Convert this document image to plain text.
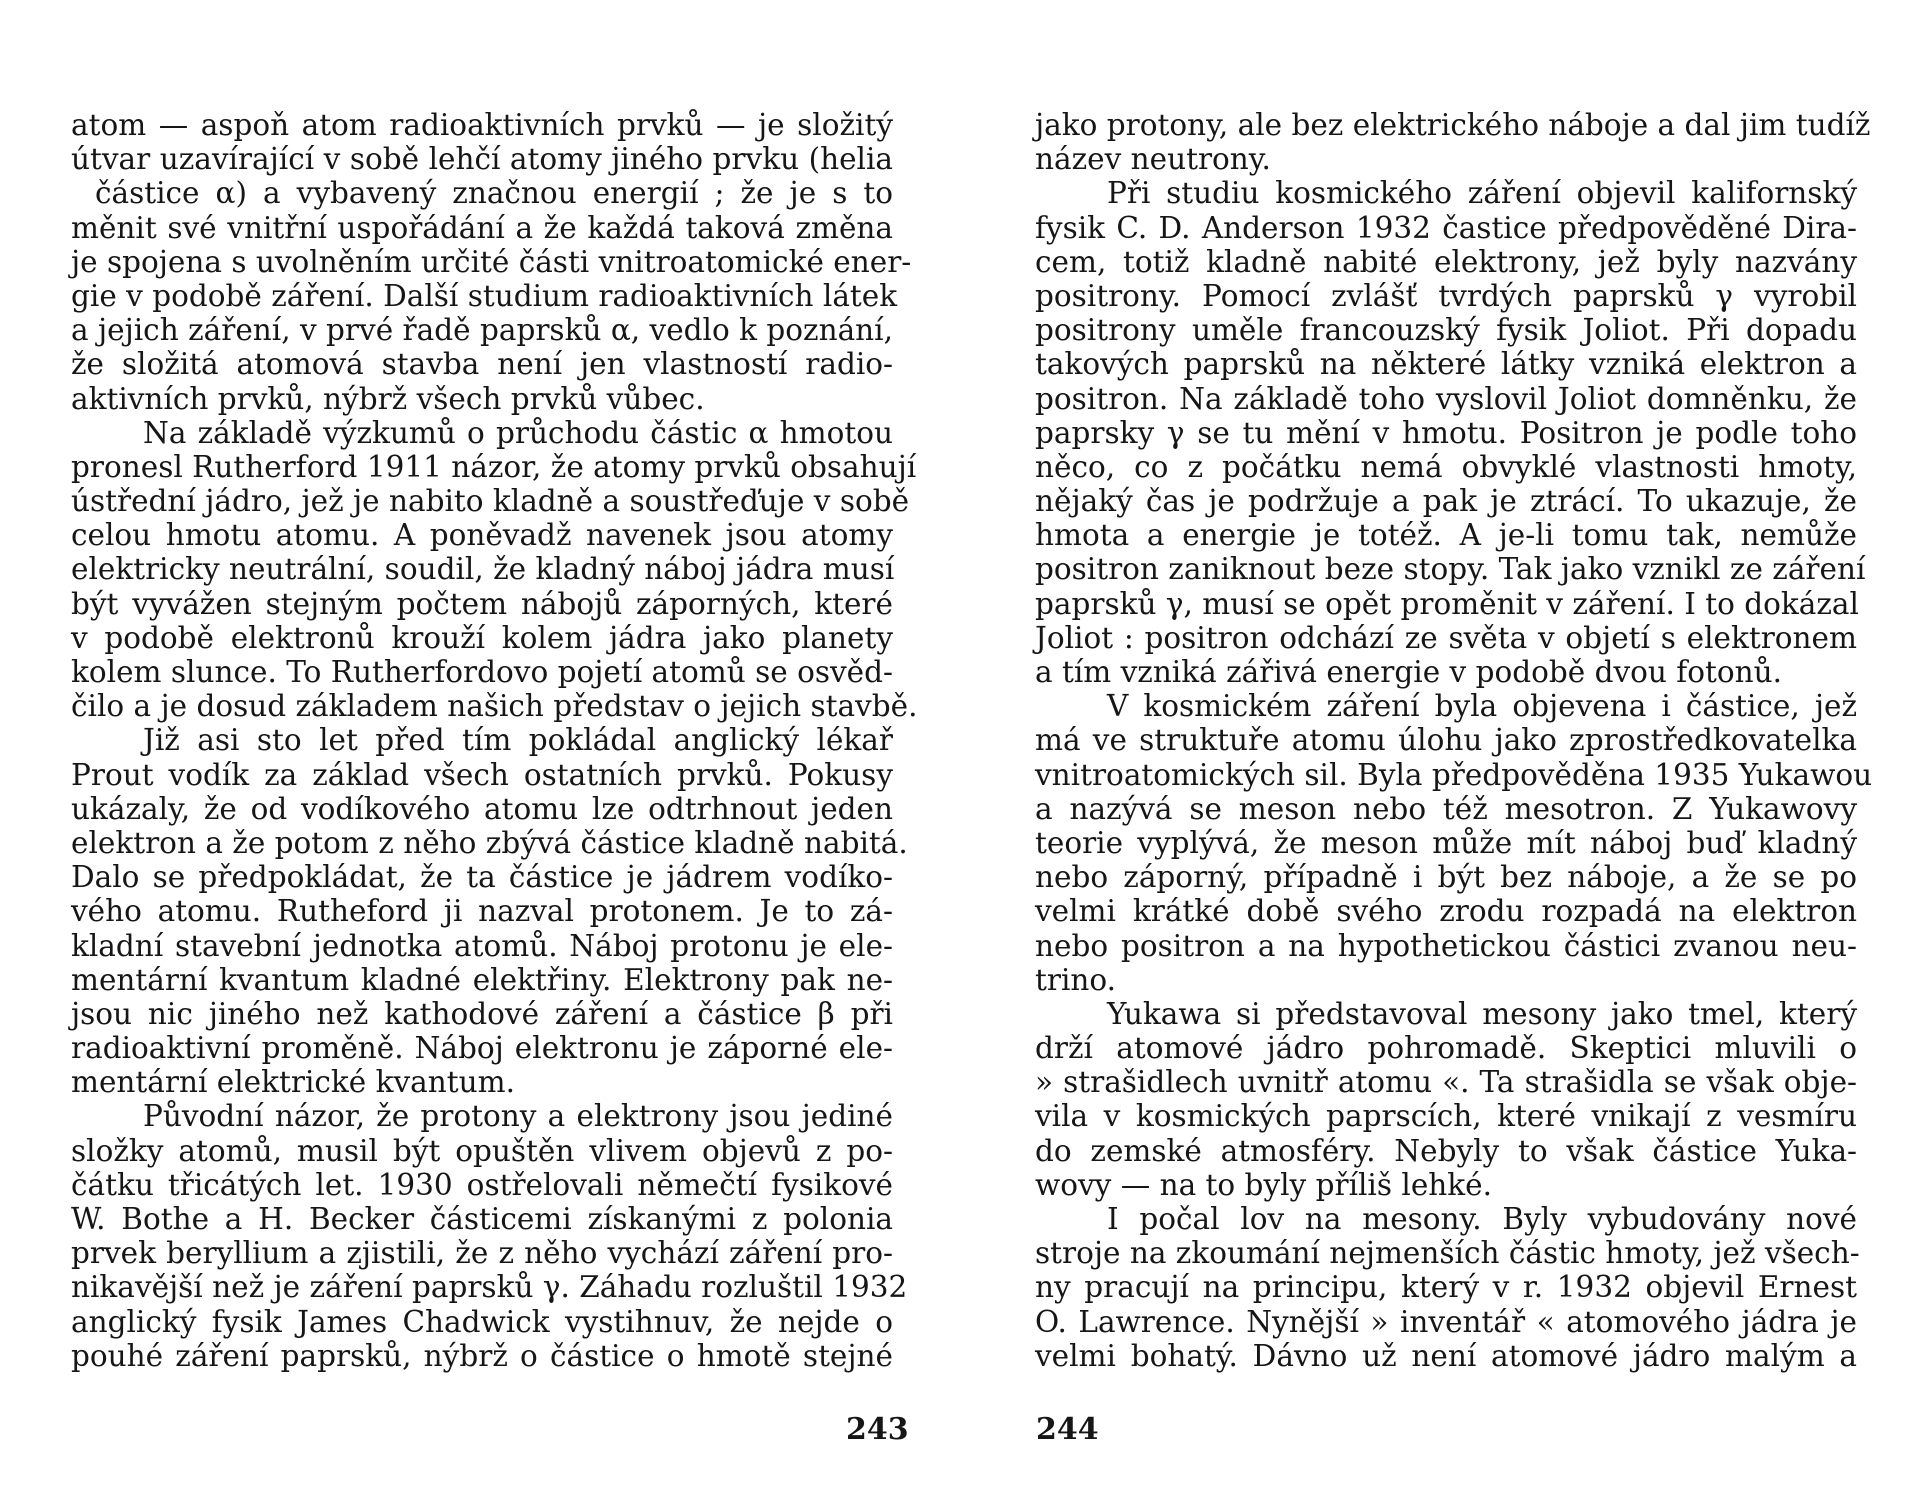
atom — aspoň atom radioaktivních prvků — je složitý
útvar uzavírající v sobě lehčí atomy jiného prvku (helia
částice α) a vybavený značnou energií ; že je s to
měnit své vnitřní uspořádání a že každá taková změna
je spojena s uvolněním určité části vnitroatomické ener-
gie v podobě záření. Další studium radioaktivních látek
a jejich záření, v prvé řadě paprsků α, vedlo k poznání,
že složitá atomová stavba není jen vlastností radio-
aktivních prvků, nýbrž všech prvků vůbec.
Na základě výzkumů o průchodu částic α hmotou
pronesl Rutherford 1911 názor, že atomy prvků obsahují
ústřední jádro, jež je nabito kladně a soustřeďuje v sobě
celou hmotu atomu. A poněvadž navenek jsou atomy
elektricky neutrální, soudil, že kladný náboj jádra musí
být vyvážen stejným počtem nábojů záporných, které
v podobě elektronů krouží kolem jádra jako planety
kolem slunce. To Rutherfordovo pojetí atomů se osvěd-
čilo a je dosud základem našich představ o jejich stavbě.
Již asi sto let před tím pokládal anglický lékař
Prout vodík za základ všech ostatních prvků. Pokusy
ukázaly, že od vodíkového atomu lze odtrhnout jeden
elektron a že potom z něho zbývá částice kladně nabitá.
Dalo se předpokládat, že ta částice je jádrem vodíko-
vého atomu. Rutheford ji nazval protonem. Je to zá-
kladní stavební jednotka atomů. Náboj protonu je ele-
mentární kvantum kladné elektřiny. Elektrony pak ne-
jsou nic jiného než kathodové záření a částice β při
radioaktivní proměně. Náboj elektronu je záporné ele-
mentární elektrické kvantum.
Původní názor, že protony a elektrony jsou jediné
složky atomů, musil být opuštěn vlivem objevů z po-
čátku třicátých let. 1930 ostřelovali němečtí fysikové
W. Bothe a H. Becker částicemi získanými z polonia
prvek beryllium a zjistili, že z něho vychází záření pro-
nikavější než je záření paprsků γ. Záhadu rozluštil 1932
anglický fysik James Chadwick vystihnuv, že nejde o
pouhé záření paprsků, nýbrž o částice o hmotě stejné
jako protony, ale bez elektrického náboje a dal jim tudíž
název neutrony.
Při studiu kosmického záření objevil kalifornský
fysik C. D. Anderson 1932 častice předpověděné Dira-
cem, totiž kladně nabité elektrony, jež byly nazvány
positrony. Pomocí zvlášť tvrdých paprsků γ vyrobil
positrony uměle francouzský fysik Joliot. Při dopadu
takových paprsků na některé látky vzniká elektron a
positron. Na základě toho vyslovil Joliot domněnku, že
paprsky γ se tu mění v hmotu. Positron je podle toho
něco, co z počátku nemá obvyklé vlastnosti hmoty,
nějaký čas je podržuje a pak je ztrácí. To ukazuje, že
hmota a energie je totéž. A je-li tomu tak, nemůže
positron zaniknout beze stopy. Tak jako vznikl ze záření
paprsků γ, musí se opět proměnit v záření. I to dokázal
Joliot : positron odchází ze světa v objetí s elektronem
a tím vzniká zářivá energie v podobě dvou fotonů.
V kosmickém záření byla objevena i částice, jež
má ve struktuře atomu úlohu jako zprostředkovatelka
vnitroatomických sil. Byla předpověděna 1935 Yukawou
a nazývá se meson nebo též mesotron. Z Yukawovy
teorie vyplývá, že meson může mít náboj buď kladný
nebo záporný, případně i být bez náboje, a že se po
velmi krátké době svého zrodu rozpadá na elektron
nebo positron a na hypothetickou částici zvanou neu-
trino.
Yukawa si představoval mesony jako tmel, který
drží atomové jádro pohromadě. Skeptici mluvili o
» strašidlech uvnitř atomu «. Ta strašidla se však obje-
vila v kosmických paprscích, které vnikají z vesmíru
do zemské atmosféry. Nebyly to však částice Yuka-
wovy — na to byly příliš lehké.
I počal lov na mesony. Byly vybudovány nové
stroje na zkoumání nejmenších částic hmoty, jež všech-
ny pracují na principu, který v r. 1932 objevil Ernest
O. Lawrence. Nynější » inventář « atomového jádra je
velmi bohatý. Dávno už není atomové jádro malým a
243	244
